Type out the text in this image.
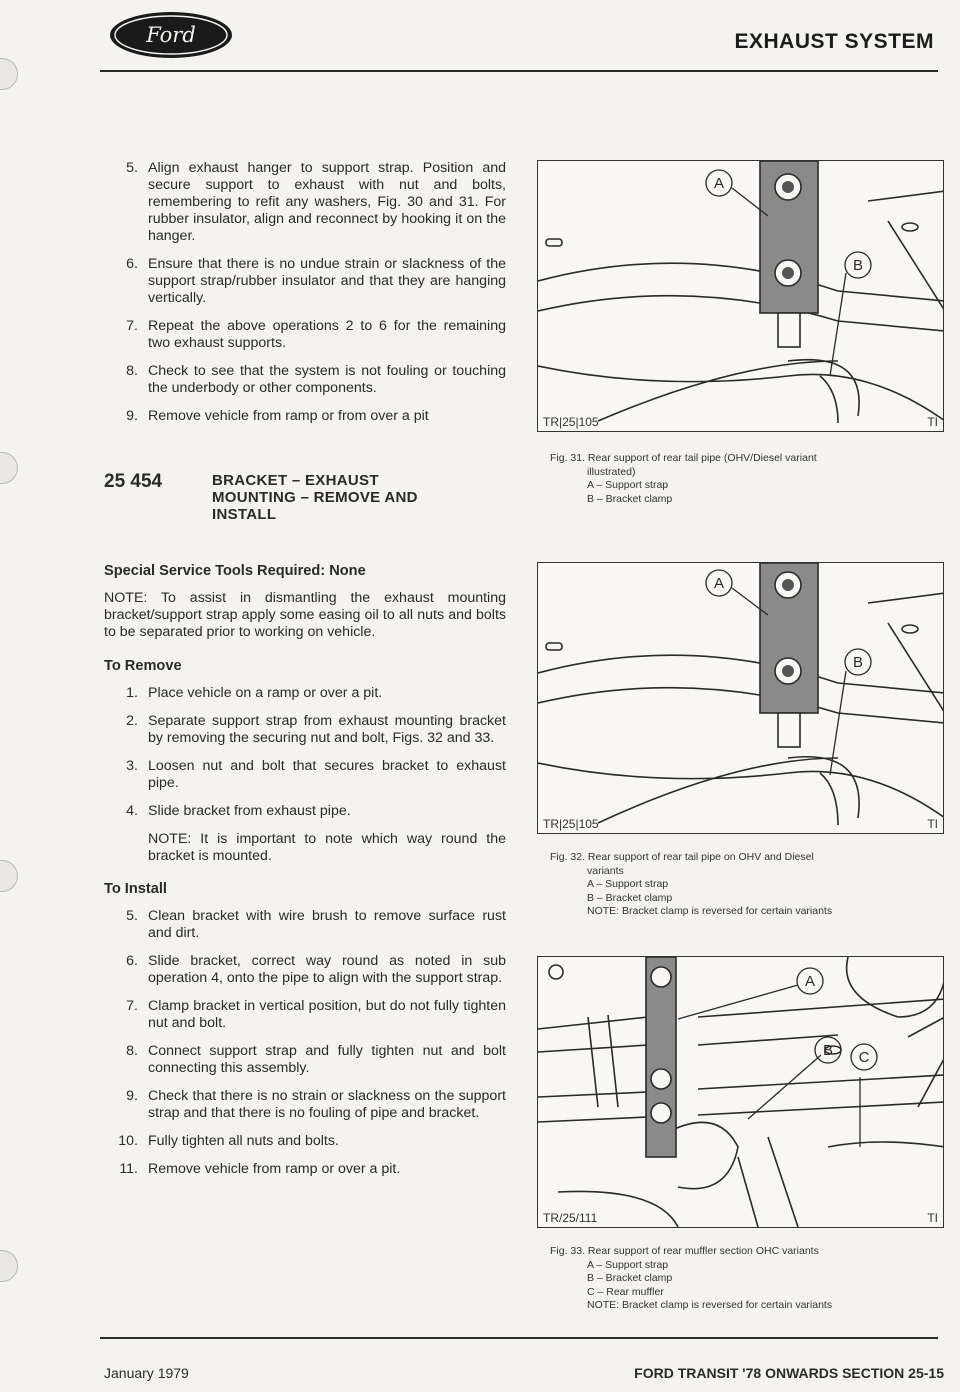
Ford	EXHAUST SYSTEM
5. Align exhaust hanger to support strap. Position and secure support to exhaust with nut and bolts, remembering to refit any washers, Fig. 30 and 31. For rubber insulator, align and reconnect by hooking it on the hanger.
6. Ensure that there is no undue strain or slackness of the support strap/rubber insulator and that they are hanging vertically.
7. Repeat the above operations 2 to 6 for the remaining two exhaust supports.
8. Check to see that the system is not fouling or touching the underbody or other components.
9. Remove vehicle from ramp or from over a pit
25 454	BRACKET – EXHAUST
MOUNTING – REMOVE AND
INSTALL
Special Service Tools Required: None
NOTE: To assist in dismantling the exhaust mounting bracket/support strap apply some easing oil to all nuts and bolts to be separated prior to working on vehicle.
To Remove
1. Place vehicle on a ramp or over a pit.
2. Separate support strap from exhaust mounting bracket by removing the securing nut and bolt, Figs. 32 and 33.
3. Loosen nut and bolt that secures bracket to exhaust pipe.
4. Slide bracket from exhaust pipe.
NOTE: It is important to note which way round the bracket is mounted.
To Install
5. Clean bracket with wire brush to remove surface rust and dirt.
6. Slide bracket, correct way round as noted in sub operation 4, onto the pipe to align with the support strap.
7. Clamp bracket in vertical position, but do not fully tighten nut and bolt.
8. Connect support strap and fully tighten nut and bolt connecting this assembly.
9. Check that there is no strain or slackness on the support strap and that there is no fouling of pipe and bracket.
10. Fully tighten all nuts and bolts.
11. Remove vehicle from ramp or over a pit.
A
B
TR|25|105	TI
Fig. 31. Rear support of rear tail pipe (OHV/Diesel variant
illustrated)
A – Support strap
B – Bracket clamp
A
B
TR|25|105	TI
Fig. 32. Rear support of rear tail pipe on OHV and Diesel
variants
A – Support strap
B – Bracket clamp
NOTE: Bracket clamp is reversed for certain variants
A
B C
TR/25/111	TI
Fig. 33. Rear support of rear muffler section OHC variants
A – Support strap
B – Bracket clamp
C – Rear muffler
NOTE: Bracket clamp is reversed for certain variants
January 1979	FORD TRANSIT '78 ONWARDS SECTION 25-15
